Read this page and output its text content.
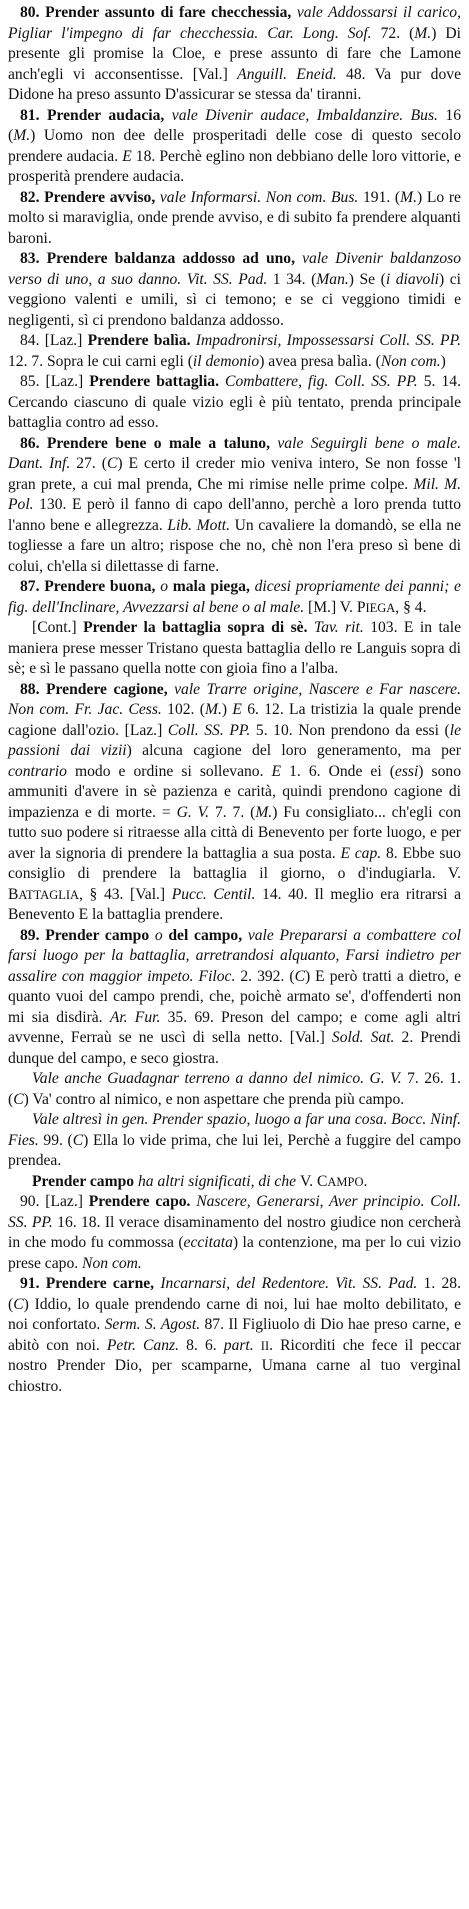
80. Prender assunto di fare checchessia, vale Addossarsi il carico, Pigliar l'impegno di far checchessia. Car. Long. Sof. 72. (M.) Di presente gli promise la Cloe, e prese assunto di fare che Lamone anch'egli vi acconsentisse. [Val.] Anguill. Eneid. 48. Va pur dove Didone ha preso assunto D'assicurar se stessa da' tiranni.

81. Prender audacia, vale Divenir audace, Imbaldanzire. Bus. 16 (M.) Uomo non dee delle prosperitadi delle cose di questo secolo prendere audacia. E 18. Perchè eglino non debbiano delle loro vittorie, e prosperità prendere audacia.

82. Prendere avviso, vale Informarsi. Non com. Bus. 191. (M.) Lo re molto si maravigliа, onde prende avviso, e di subito fa prendere alquanti baroni.

83. Prendere baldanza addosso ad uno, vale Divenir baldanzoso verso di uno, a suo danno. Vit. SS. Pad. 1 34. (Man.) Se (i diavoli) ci veggiono valenti e umili, sì ci temono; e se ci veggiono timidi e negligenti, sì ci prendono baldanza addosso.

84. [Laz.] Prendere balìa. Impadronirsi, Impossessarsi Coll. SS. PP. 12. 7. Sopra le cui carni egli (il demonio) avea presa balìa. (Non com.)

85. [Laz.] Prendere battaglia. Combattere, fig. Coll. SS. PP. 5. 14. Cercando ciascuno di quale vizio egli è più tentato, prenda principale battaglia contro ad esso.

86. Prendere bene o male a taluno, vale Seguirgli bene o male. Dant. Inf. 27. (C) E certo il creder mio veniva intero, Se non fosse 'l gran prete, a cui mal prenda, Che mi rimise nelle prime colpe. Mil. M. Pol. 130. E però il fanno di capo dell'anno, perchè a loro prenda tutto l'anno bene e allegrezza. Lib. Mott. Un cavaliere la domandò, se ella ne togliesse a fare un altro; rispose che no, chè non l'era preso sì bene di colui, ch'ella si dilettasse di farne.

87. Prendere buona, o mala piega, dicesi propriamente dei panni; e fig. dell'Inclinare, Avvezzarsi al bene o al male. [M.] V. PIEGA, § 4.

[Cont.] Prender la battaglia sopra di sè. Tav. rit. 103. E in tale maniera prese messer Tristano questa battaglia dello re Languis sopra di sè; e sì le passano quella notte con gioia fino a l'alba.

88. Prendere cagione, vale Trarre origine, Nascere e Far nascere. Non com. Fr. Jac. Cess. 102. (M.) E 6. 12. La tristizia la quale prende cagione dall'ozio. [Laz.] Coll. SS. PP. 5. 10. Non prendono da essi (le passioni dai vizii) alcuna cagione del loro generamento, ma per contrario modo e ordine si sollevano. E 1. 6. Onde ei (essi) sono ammuniti d'avere in sè pazienza e carità, quindi prendono cagione di impazienza e di morte. = G. V. 7. 7. (M.) Fu consigliato... ch'egli con tutto suo podere si ritraesse alla città di Benevento per forte luogo, e per aver la signoria di prendere la battaglia a sua posta. E cap. 8. Ebbe suo consiglio di prendere la battaglia il giorno, o d'indugiarla. V. BATTAGLIA, § 43. [Val.] Pucc. Centil. 14. 40. Il meglio era ritrarsi a Benevento E la battaglia prendere.

89. Prender campo o del campo, vale Prepararsi a combattere col farsi luogo per la battaglia, arretrandosi alquanto, Farsi indietro per assalire con maggior impeto. Filoc. 2. 392. (C) E però tratti a dietro, e quanto vuoi del campo prendi, che, poichè armato se', d'offenderti non mi sia disdirà. Ar. Fur. 35. 69. Preson del campo; e come agli altri avvenne, Ferraù se ne uscì di sella netto. [Val.] Sold. Sat. 2. Prendi dunque del campo, e seco giostra.

Vale anche Guadagnar terreno a danno del nimico. G. V. 7. 26. 1. (C) Va' contro al nimico, e non aspettare che prenda più campo.

Vale altresì in gen. Prender spazio, luogo a far una cosa. Bocc. Ninf. Fies. 99. (C) Ella lo vide prima, che lui lei, Perchè a fuggire del campo prendea.

Prender campo ha altri significati, di che V. CAMPO.

90. [Laz.] Prendere capo. Nascere, Generarsi, Aver principio. Coll. SS. PP. 16. 18. Il verace disaminamento del nostro giudice non cercherà in che modo fu commossa (eccitata) la contenzione, ma per lo cui vizio prese capo. Non com.

91. Prendere carne, Incarnarsi, del Redentore. Vit. SS. Pad. 1. 28. (C) Iddio, lo quale prendendo carne di noi, lui hae molto debilitato, e noi confortato. Serm. S. Agost. 87. Il Figliuolo di Dio hae preso carne, e abitò con noi. Petr. Canz. 8. 6. part. II. Ricorditi che fece il peccar nostro Prender Dio, per scamparne, Umana carne al tuo verginal chiostro.
